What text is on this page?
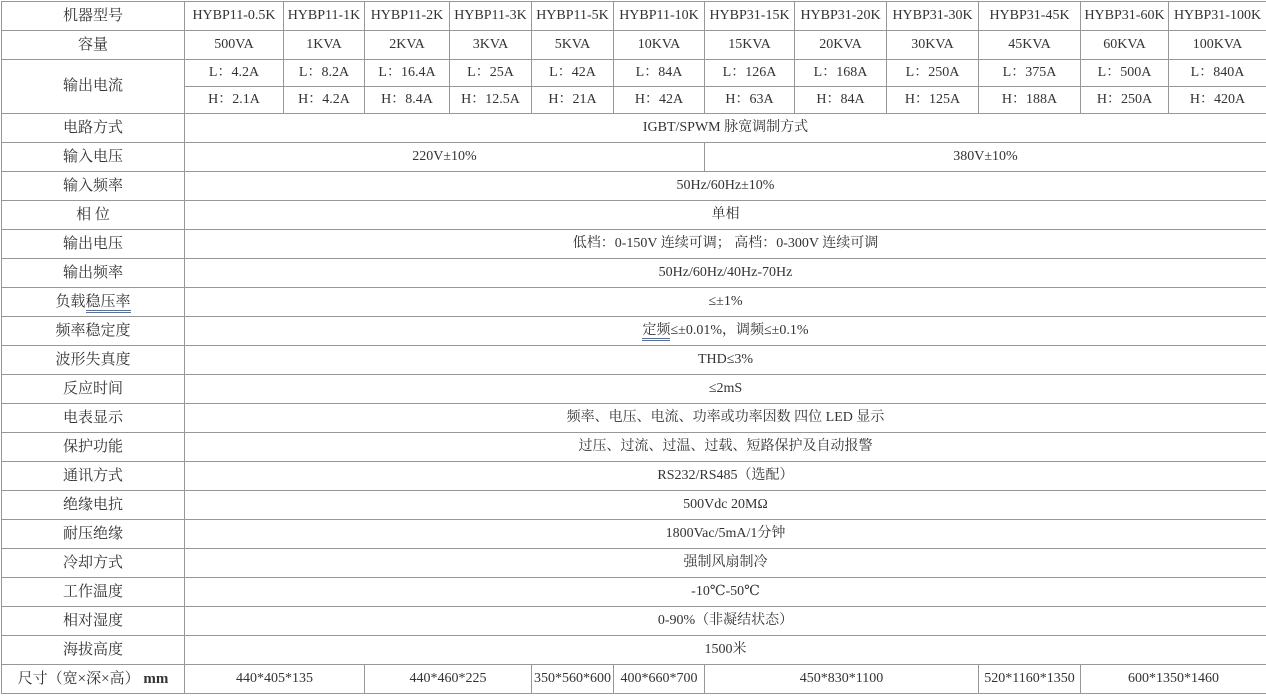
机器型号	HYBP11-0.5K	HYBP11-1K	HYBP11-2K	HYBP11-3K	HYBP11-5K	HYBP11-10K	HYBP31-15K	HYBP31-20K	HYBP31-30K	HYBP31-45K	HYBP31-60K	HYBP31-100K
容量	500VA	1KVA	2KVA	3KVA	5KVA	10KVA	15KVA	20KVA	30KVA	45KVA	60KVA	100KVA
输出电流	L：4.2A	L：8.2A	L：16.4A	L：25A	L：42A	L：84A	L：126A	L：168A	L：250A	L：375A	L：500A	L：840A
	H：2.1A	H：4.2A	H：8.4A	H：12.5A	H：21A	H：42A	H：63A	H：84A	H：125A	H：188A	H：250A	H：420A
电路方式	IGBT/SPWM 脉宽调制方式											
输入电压	220V±10%						380V±10%					
输入频率	50Hz/60Hz±10%											
相 位	单相											
输出电压	低档：0-150V 连续可调； 高档：0-300V 连续可调											
输出频率	50Hz/60Hz/40Hz-70Hz											
负载稳压率	≤±1%											
频率稳定度	定频≤±0.01%，调频≤±0.1%											
波形失真度	THD≤3%											
反应时间	≤2mS											
电表显示	频率、电压、电流、功率或功率因数 四位 LED 显示											
保护功能	过压、过流、过温、过载、短路保护及自动报警											
通讯方式	RS232/RS485（选配）											
绝缘电抗	500Vdc 20MΩ											
耐压绝缘	1800Vac/5mA/1分钟											
冷却方式	强制风扇制冷											
工作温度	-10℃-50℃											
相对湿度	0-90%（非凝结状态）											
海拔高度	1500米											
尺寸（宽×深×高） mm	440*405*135		440*460*225		350*560*600	400*660*700	450*830*1100			520*1160*1350	600*1350*1460	
